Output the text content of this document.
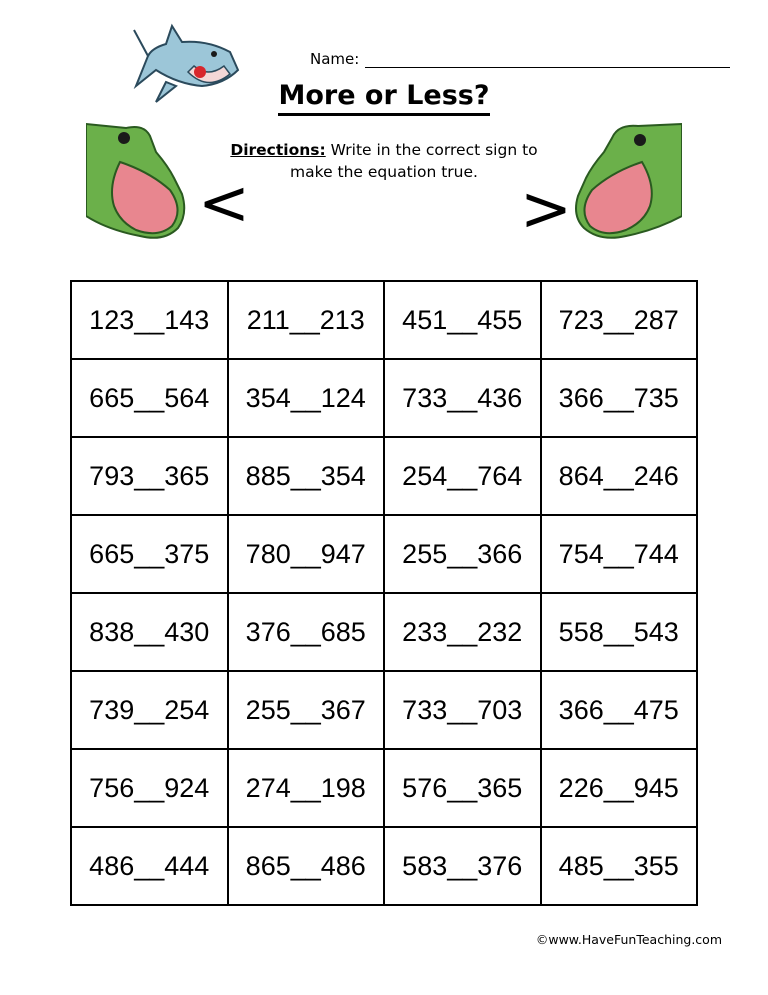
Name:
More or Less?
Directions: Write in the correct sign to make the equation true.
<	>
123__143	211__213	451__455	723__287
665__564	354__124	733__436	366__735
793__365	885__354	254__764	864__246
665__375	780__947	255__366	754__744
838__430	376__685	233__232	558__543
739__254	255__367	733__703	366__475
756__924	274__198	576__365	226__945
486__444	865__486	583__376	485__355
©www.HaveFunTeaching.com
